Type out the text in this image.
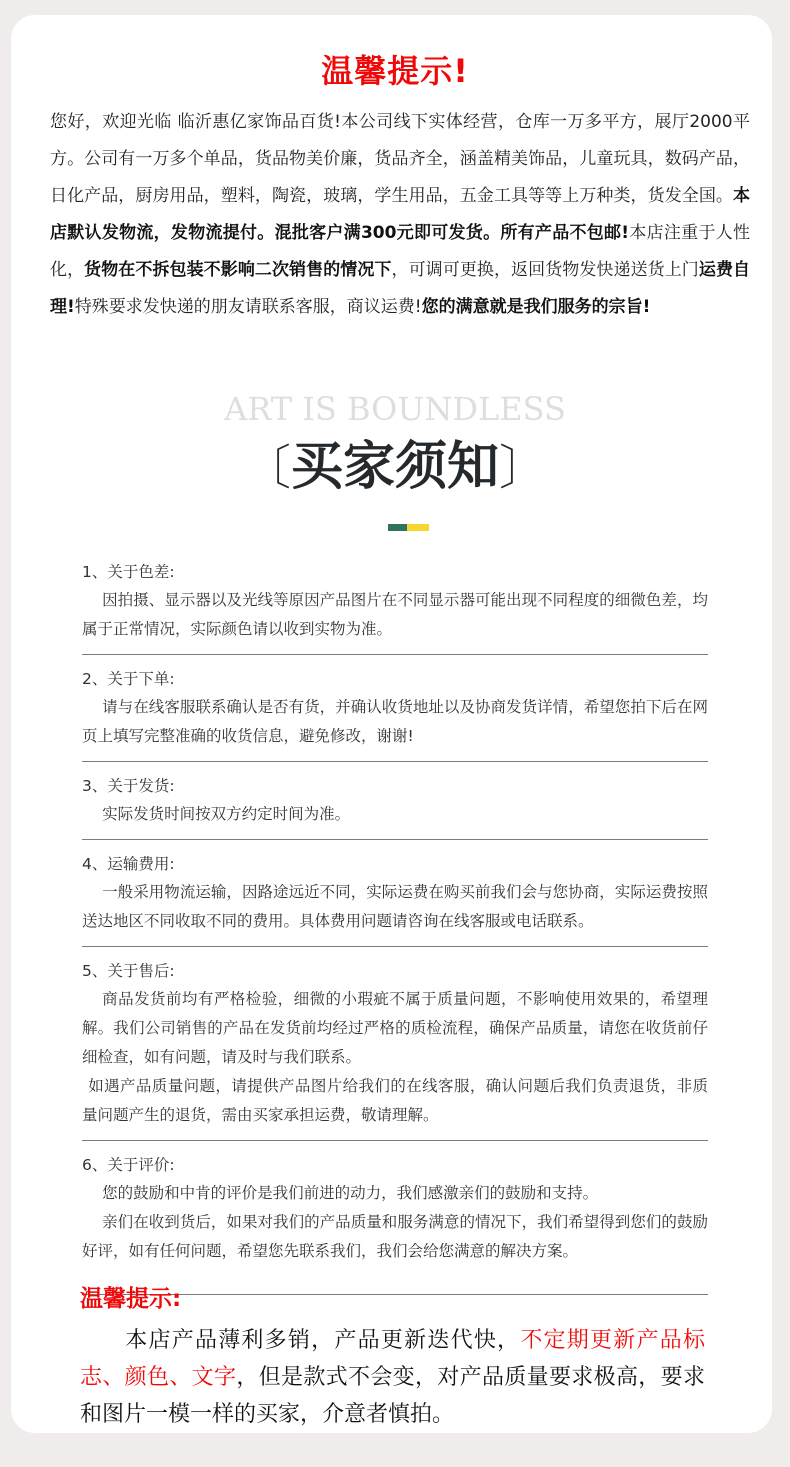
温馨提示!
您好，欢迎光临 临沂惠亿家饰品百货!本公司线下实体经营，仓库一万多平方，展厅2000平方。公司有一万多个单品，货品物美价廉，货品齐全，涵盖精美饰品，儿童玩具，数码产品，日化产品，厨房用品，塑料，陶瓷，玻璃，学生用品，五金工具等等上万种类，货发全国。本店默认发物流，发物流提付。混批客户满300元即可发货。所有产品不包邮!本店注重于人性化，货物在不拆包装不影响二次销售的情况下，可调可更换，返回货物发快递送货上门运费自理!特殊要求发快递的朋友请联系客服，商议运费!您的满意就是我们服务的宗旨!
ART IS BOUNDLESS
〔买家须知〕
1、关于色差:

因拍摄、显示器以及光线等原因产品图片在不同显示器可能出现不同程度的细微色差，均属于正常情况，实际颜色请以收到实物为准。

2、关于下单:

请与在线客服联系确认是否有货，并确认收货地址以及协商发货详情，希望您拍下后在网页上填写完整准确的收货信息，避免修改，谢谢!

3、关于发货:

实际发货时间按双方约定时间为准。

4、运输费用:

一般采用物流运输，因路途远近不同，实际运费在购买前我们会与您协商，实际运费按照送达地区不同收取不同的费用。具体费用问题请咨询在线客服或电话联系。

5、关于售后:

商品发货前均有严格检验，细微的小瑕疵不属于质量问题，不影响使用效果的，希望理解。我们公司销售的产品在发货前均经过严格的质检流程，确保产品质量，请您在收货前仔细检查，如有问题，请及时与我们联系。

如遇产品质量问题，请提供产品图片给我们的在线客服，确认问题后我们负责退货，非质量问题产生的退货，需由买家承担运费，敬请理解。

6、关于评价:

您的鼓励和中肯的评价是我们前进的动力，我们感激亲们的鼓励和支持。

亲们在收到货后，如果对我们的产品质量和服务满意的情况下，我们希望得到您们的鼓励好评，如有任何问题，希望您先联系我们，我们会给您满意的解决方案。

温馨提示:
本店产品薄利多销，产品更新迭代快，不定期更新产品标志、颜色、文字，但是款式不会变，对产品质量要求极高，要求和图片一模一样的买家，介意者慎拍。
